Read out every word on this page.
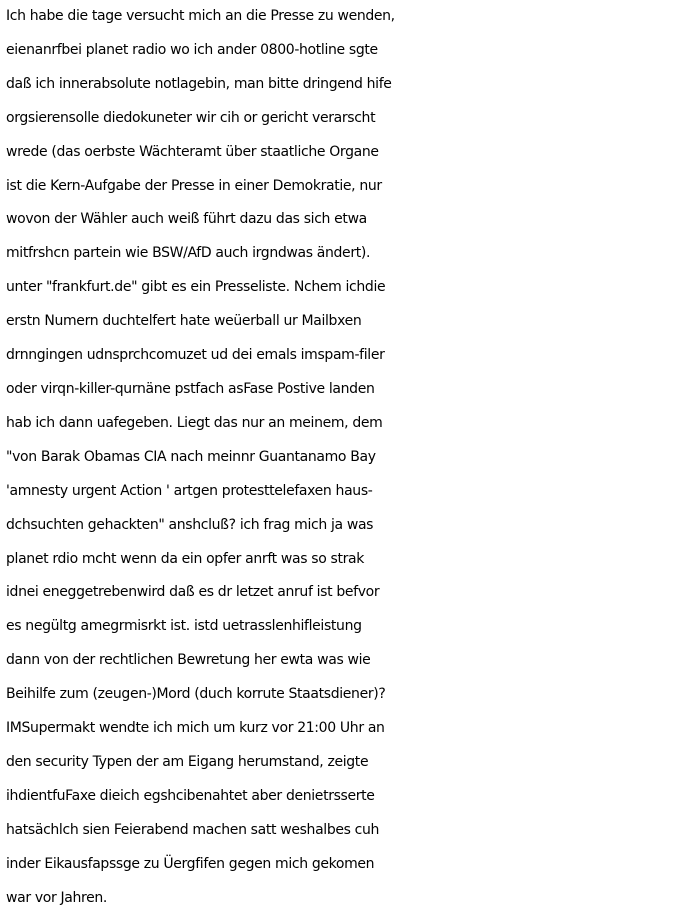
Ich habe die tage versucht mich an die Presse zu wenden,
eienanrfbei planet radio wo ich ander 0800-hotline sgte
daß ich innerabsolute notlagebin, man bitte dringend hife
orgsierensolle diedokuneter wir cih or gericht verarscht
wrede (das oerbste Wächteramt über staatliche Organe
ist die Kern-Aufgabe der Presse in einer Demokratie, nur
wovon der Wähler auch weiß führt dazu das sich etwa
mitfrshcn partein wie BSW/AfD auch irgndwas ändert).
unter "frankfurt.de" gibt es ein Presseliste. Nchem ichdie
erstn Numern duchtelfert hate weüerball ur Mailbxen
drnngingen udnsprchcomuzet ud dei emals imspam-filer
oder virqn-killer-qurnäne pstfach asFase Postive landen
hab ich dann uafegeben. Liegt das nur an meinem, dem
"von Barak Obamas CIA nach meinnr Guantanamo Bay
'amnesty urgent Action ' artgen protesttelefaxen haus-
dchsuchten gehackten" anshcluß? ich frag mich ja was
planet rdio mcht wenn da ein opfer anrft was so strak
idnei eneggetrebenwird daß es dr letzet anruf ist befvor
es negültg amegrmisrkt ist. istd uetrasslenhifleistung
dann von der rechtlichen Bewretung her ewta was wie
Beihilfe zum (zeugen-)Mord (duch korrute Staatsdiener)?
IMSupermakt wendte ich mich um kurz vor 21:00 Uhr an
den security Typen der am Eigang herumstand, zeigte
ihdientfuFaxe dieich egshcibenahtet aber denietrsserte
hatsächlch sien Feierabend machen satt weshalbes cuh
inder Eikausfapssge zu Üergfifen gegen mich gekomen
war vor Jahren.
